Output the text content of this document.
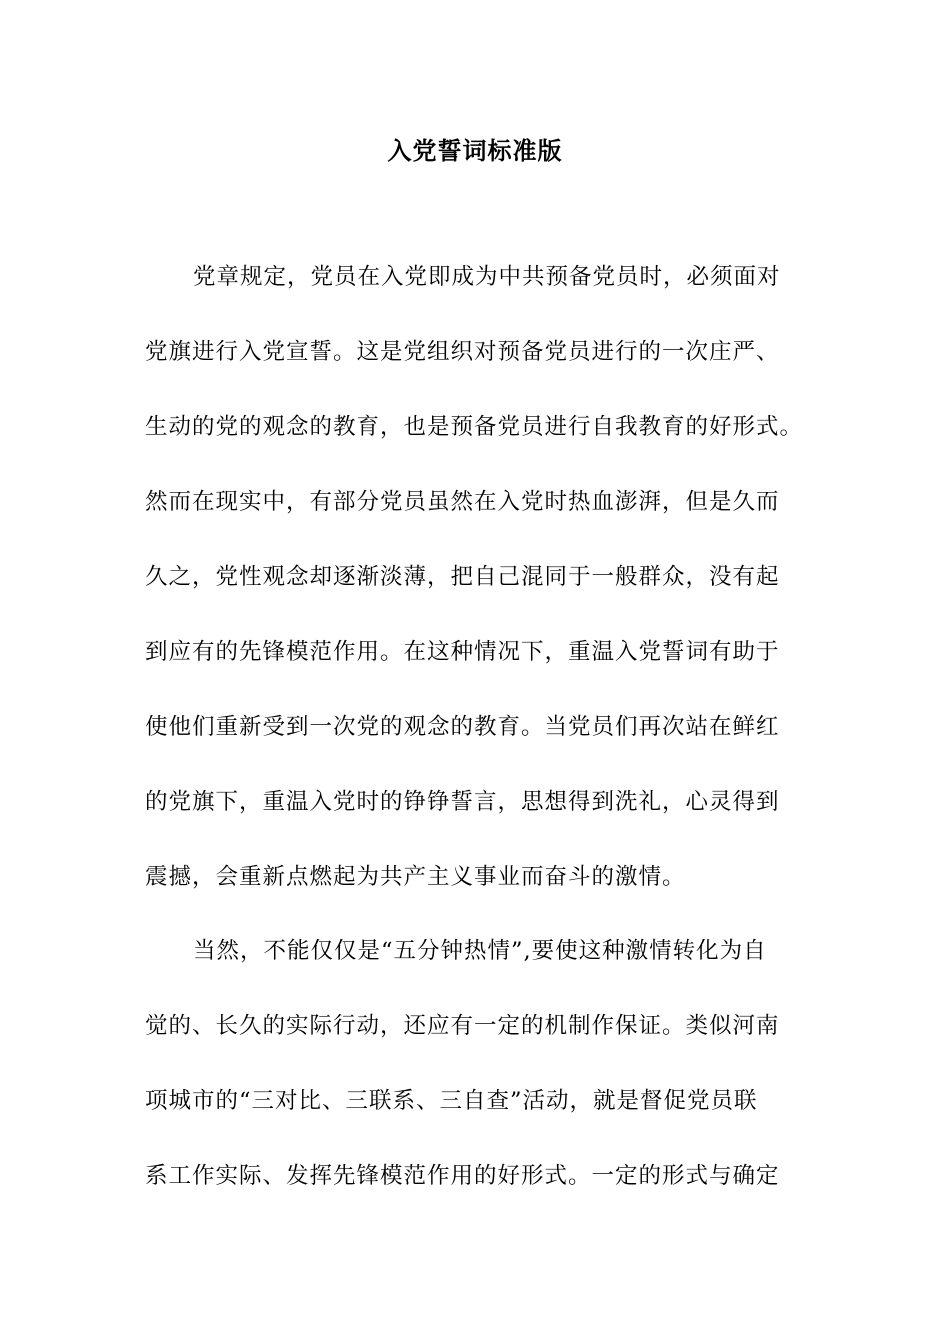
入党誓词标准版
党章规定，党员在入党即成为中共预备党员时，必须面对
党旗进行入党宣誓。这是党组织对预备党员进行的一次庄严、
生动的党的观念的教育，也是预备党员进行自我教育的好形式。
然而在现实中，有部分党员虽然在入党时热血澎湃，但是久而
久之，党性观念却逐渐淡薄，把自己混同于一般群众，没有起
到应有的先锋模范作用。在这种情况下，重温入党誓词有助于
使他们重新受到一次党的观念的教育。当党员们再次站在鲜红
的党旗下，重温入党时的铮铮誓言，思想得到洗礼，心灵得到
震撼，会重新点燃起为共产主义事业而奋斗的激情。
当然，不能仅仅是“五分钟热情”,要使这种激情转化为自
觉的、长久的实际行动，还应有一定的机制作保证。类似河南
项城市的“三对比、三联系、三自查”活动，就是督促党员联
系工作实际、发挥先锋模范作用的好形式。一定的形式与确定
